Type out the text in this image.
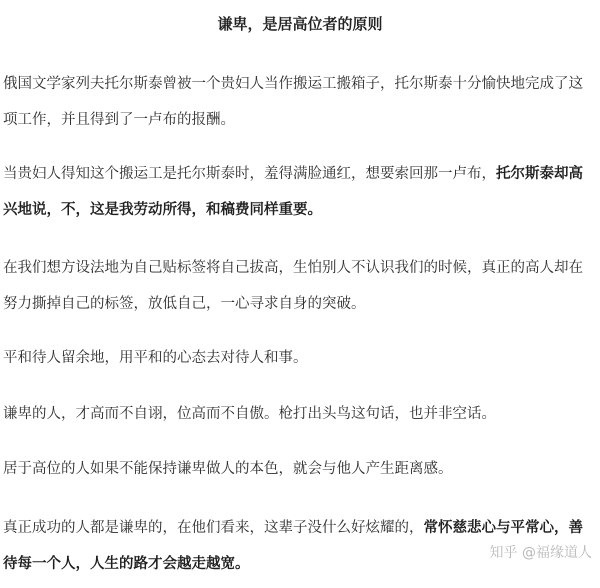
谦卑，是居高位者的原则

俄国文学家列夫托尔斯泰曾被一个贵妇人当作搬运工搬箱子，托尔斯泰十分愉快地完成了这项工作，并且得到了一卢布的报酬。

当贵妇人得知这个搬运工是托尔斯泰时，羞得满脸通红，想要索回那一卢布，托尔斯泰却高兴地说，不，这是我劳动所得，和稿费同样重要。

在我们想方设法地为自己贴标签将自己拔高，生怕别人不认识我们的时候，真正的高人却在努力撕掉自己的标签，放低自己，一心寻求自身的突破。

平和待人留余地，用平和的心态去对待人和事。

谦卑的人，才高而不自诩，位高而不自傲。枪打出头鸟这句话，也并非空话。

居于高位的人如果不能保持谦卑做人的本色，就会与他人产生距离感。

真正成功的人都是谦卑的，在他们看来，这辈子没什么好炫耀的，常怀慈悲心与平常心，善待每一个人，人生的路才会越走越宽。

知乎 @福缘道人
